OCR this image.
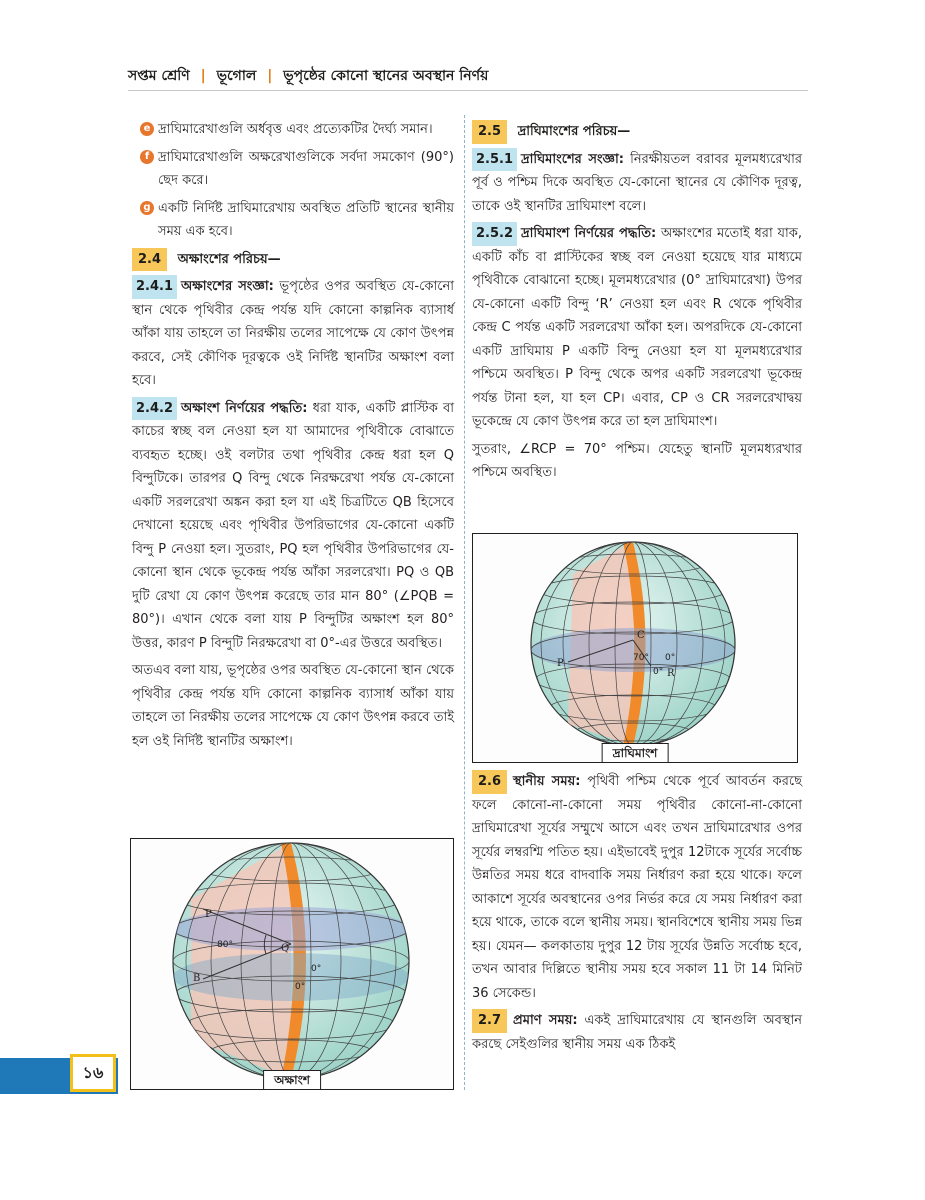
সপ্তম শ্রেণি | ভূগোল | ভূপৃষ্ঠের কোনো স্থানের অবস্থান নির্ণয়
e দ্রাঘিমারেখাগুলি অর্ধবৃত্ত এবং প্রত্যেকটির দৈর্ঘ্য সমান।
f দ্রাঘিমারেখাগুলি অক্ষরেখাগুলিকে সর্বদা সমকোণ (90°) ছেদ করে।
g একটি নির্দিষ্ট দ্রাঘিমারেখায় অবস্থিত প্রতিটি স্থানের স্থানীয় সময় এক হবে।
2.4 অক্ষাংশের পরিচয়—

2.4.1 অক্ষাংশের সংজ্ঞা: ভূপৃষ্ঠের ওপর অবস্থিত যে-কোনো স্থান থেকে পৃথিবীর কেন্দ্র পর্যন্ত যদি কোনো কাল্পনিক ব্যাসার্ধ আঁকা যায় তাহলে তা নিরক্ষীয় তলের সাপেক্ষে যে কোণ উৎপন্ন করবে, সেই কৌণিক দূরত্বকে ওই নির্দিষ্ট স্থানটির অক্ষাংশ বলা হবে।

2.4.2 অক্ষাংশ নির্ণয়ের পদ্ধতি: ধরা যাক, একটি প্লাস্টিক বা কাচের স্বচ্ছ বল নেওয়া হল যা আমাদের পৃথিবীকে বোঝাতে ব্যবহৃত হচ্ছে। ওই বলটার তথা পৃথিবীর কেন্দ্র ধরা হল Q বিন্দুটিকে। তারপর Q বিন্দু থেকে নিরক্ষরেখা পর্যন্ত যে-কোনো একটি সরলরেখা অঙ্কন করা হল যা এই চিত্রটিতে QB হিসেবে দেখানো হয়েছে এবং পৃথিবীর উপরিভাগের যে-কোনো একটি বিন্দু P নেওয়া হল। সুতরাং, PQ হল পৃথিবীর উপরিভাগের যে-কোনো স্থান থেকে ভূকেন্দ্র পর্যন্ত আঁকা সরলরেখা। PQ ও QB দুটি রেখা যে কোণ উৎপন্ন করেছে তার মান 80° (∠PQB = 80°)। এখান থেকে বলা যায় P বিন্দুটির অক্ষাংশ হল 80° উত্তর, কারণ P বিন্দুটি নিরক্ষরেখা বা 0°-এর উত্তরে অবস্থিত।

অতএব বলা যায়, ভূপৃষ্ঠের ওপর অবস্থিত যে-কোনো স্থান থেকে পৃথিবীর কেন্দ্র পর্যন্ত যদি কোনো কাল্পনিক ব্যাসার্ধ আঁকা যায় তাহলে তা নিরক্ষীয় তলের সাপেক্ষে যে কোণ উৎপন্ন করবে তাই হল ওই নির্দিষ্ট স্থানটির অক্ষাংশ।

P
Q
B
80°
0°
0°
অক্ষাংশ
2.5 দ্রাঘিমাংশের পরিচয়—

2.5.1 দ্রাঘিমাংশের সংজ্ঞা: নিরক্ষীয়তল বরাবর মূলমধ্যরেখার পূর্ব ও পশ্চিম দিকে অবস্থিত যে-কোনো স্থানের যে কৌণিক দূরত্ব, তাকে ওই স্থানটির দ্রাঘিমাংশ বলে।

2.5.2 দ্রাঘিমাংশ নির্ণয়ের পদ্ধতি: অক্ষাংশের মতোই ধরা যাক, একটি কাঁচ বা প্লাস্টিকের স্বচ্ছ বল নেওয়া হয়েছে যার মাধ্যমে পৃথিবীকে বোঝানো হচ্ছে। মূলমধ্যরেখার (0° দ্রাঘিমারেখা) উপর যে-কোনো একটি বিন্দু ‘R’ নেওয়া হল এবং R থেকে পৃথিবীর কেন্দ্র C পর্যন্ত একটি সরলরেখা আঁকা হল। অপরদিকে যে-কোনো একটি দ্রাঘিমায় P একটি বিন্দু নেওয়া হল যা মূলমধ্যরেখার পশ্চিমে অবস্থিত। P বিন্দু থেকে অপর একটি সরলরেখা ভূকেন্দ্র পর্যন্ত টানা হল, যা হল CP। এবার, CP ও CR সরলরেখাদ্বয় ভূকেন্দ্রে যে কোণ উৎপন্ন করে তা হল দ্রাঘিমাংশ।

সুতরাং, ∠RCP = 70° পশ্চিম। যেহেতু স্থানটি মূলমধ্যরখার পশ্চিমে অবস্থিত।

C
P
R
70° 0°
0°
দ্রাঘিমাংশ

2.6 স্থানীয় সময়: পৃথিবী পশ্চিম থেকে পূর্বে আবর্তন করছে ফলে কোনো-না-কোনো সময় পৃথিবীর কোনো-না-কোনো দ্রাঘিমারেখা সূর্যের সম্মুখে আসে এবং তখন দ্রাঘিমারেখার ওপর সূর্যের লম্বরশ্মি পতিত হয়। এইভাবেই দুপুর 12টাকে সূর্যের সর্বোচ্চ উন্নতির সময় ধরে বাদবাকি সময় নির্ধারণ করা হয়ে থাকে। ফলে আকাশে সূর্যের অবস্থানের ওপর নির্ভর করে যে সময় নির্ধারণ করা হয়ে থাকে, তাকে বলে স্থানীয় সময়। স্থানবিশেষে স্থানীয় সময় ভিন্ন হয়। যেমন— কলকাতায় দুপুর 12 টায় সূর্যের উন্নতি সর্বোচ্চ হবে, তখন আবার দিল্লিতে স্থানীয় সময় হবে সকাল 11 টা 14 মিনিট 36 সেকেন্ড।

2.7 প্রমাণ সময়: একই দ্রাঘিমারেখায় যে স্থানগুলি অবস্থান করছে সেইগুলির স্থানীয় সময় এক ঠিকই

১৬
